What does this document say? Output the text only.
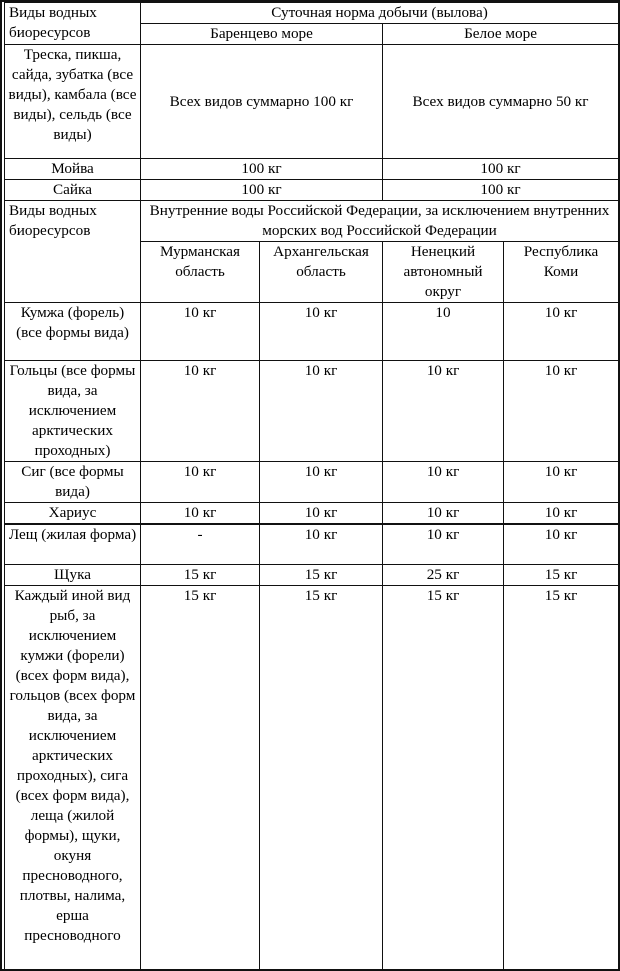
Виды водных биоресурсов	Суточная норма добычи (вылова)			
	Баренцево море		Белое море	
Треска, пикша, сайда, зубатка (все виды), камбала (все виды), сельдь (все виды)	Всех видов суммарно 100 кг		Всех видов суммарно 50 кг	
Мойва	100 кг		100 кг	
Сайка	100 кг		100 кг	
Виды водных биоресурсов	Внутренние воды Российской Федерации, за исключением внутренних морских вод Российской Федерации			
	Мурманская область	Архангельская область	Ненецкий автономный округ	Республика Коми
Кумжа (форель) (все формы вида)	10 кг	10 кг	10	10 кг
Гольцы (все формы вида, за исключением арктических проходных)	10 кг	10 кг	10 кг	10 кг
Сиг (все формы вида)	10 кг	10 кг	10 кг	10 кг
Хариус	10 кг	10 кг	10 кг	10 кг
Лещ (жилая форма)	-	10 кг	10 кг	10 кг
Щука	15 кг	15 кг	25 кг	15 кг
Каждый иной вид рыб, за исключением кумжи (форели) (всех форм вида), гольцов (всех форм вида, за исключением арктических проходных), сига (всех форм вида), леща (жилой формы), щуки, окуня пресноводного, плотвы, налима, ерша пресноводного	15 кг	15 кг	15 кг	15 кг
